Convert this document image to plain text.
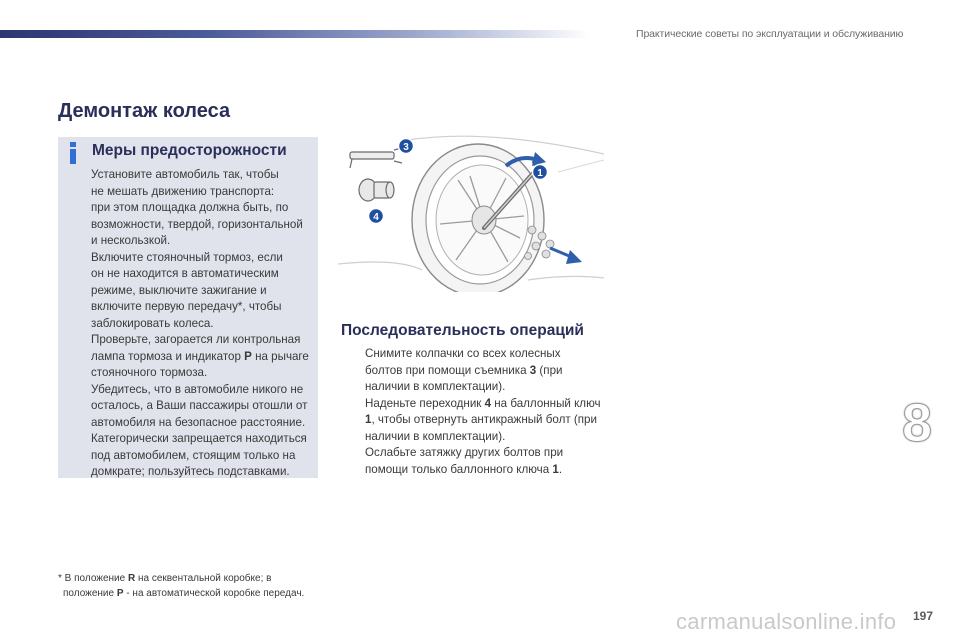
Практические советы по эксплуатации и обслуживанию
Демонтаж колеса
Меры предосторожности

Установите автомобиль так, чтобы

не мешать движению транспорта:

при этом площадка должна быть, по

возможности, твердой, горизонтальной

и нескользкой.

Включите стояночный тормоз, если

он не находится в автоматическим

режиме, выключите зажигание и

включите первую передачу*, чтобы

заблокировать колеса.

Проверьте, загорается ли контрольная

лампа тормоза и индикатор P на рычаге

стояночного тормоза.

Убедитесь, что в автомобиле никого не

осталось, а Ваши пассажиры отошли от

автомобиля на безопасное расстояние.

Категорически запрещается находиться

под автомобилем, стоящим только на

домкрате; пользуйтесь подставками.

3
1
4
Последовательность операций
Снимите колпачки со всех колесных болтов при помощи съемника 3 (при наличии в комплектации).
Наденьте переходник 4 на баллонный ключ 1, чтобы отвернуть антикражный болт (при наличии в комплектации).
Ослабьте затяжку других болтов при помощи только баллонного ключа 1.
8
* В положение R на секвентальной коробке; в
положение P - на автоматической коробке передач.
carmanualsonline.info 197
